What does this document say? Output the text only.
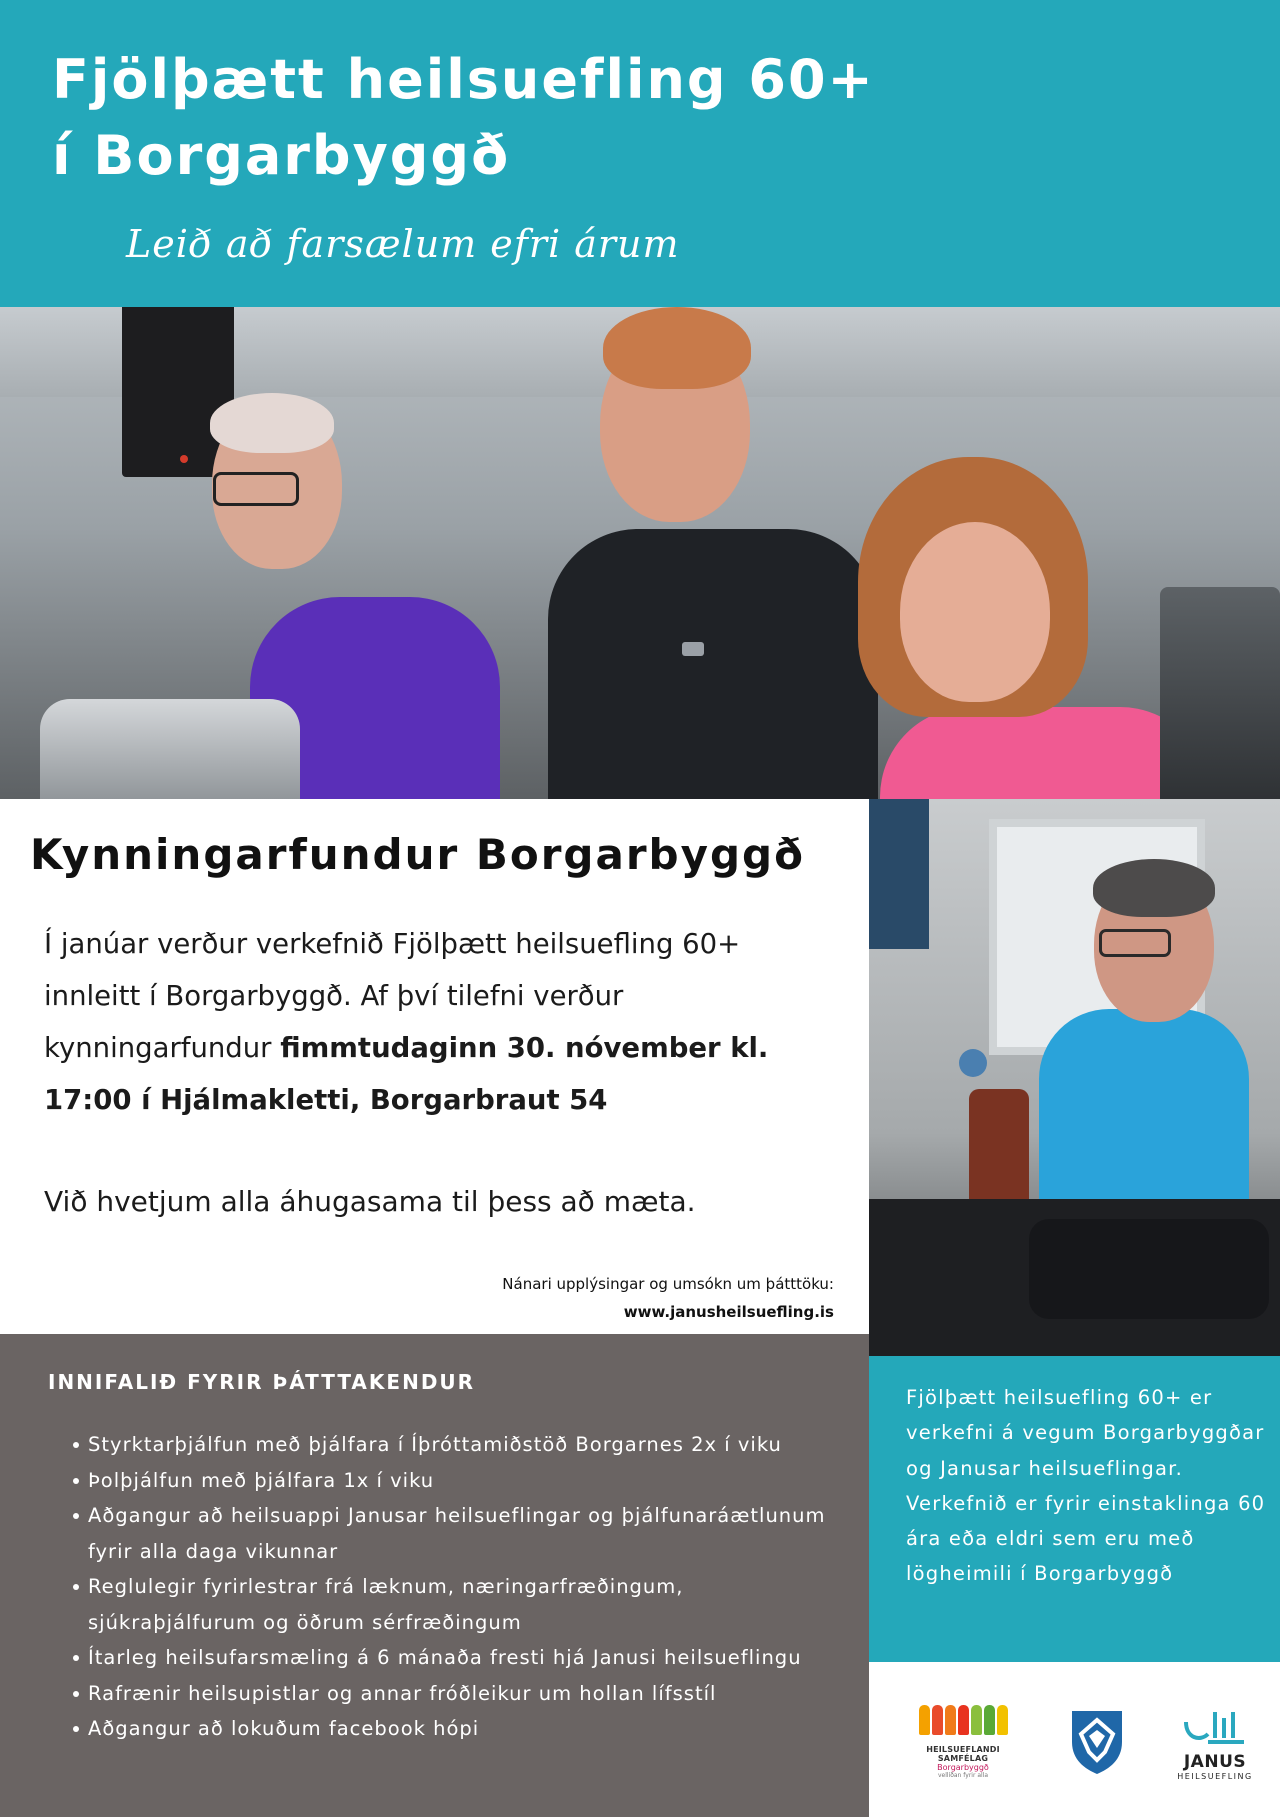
Fjölþætt heilsuefling 60+
í Borgarbyggð
Leið að farsælum efri árum
Kynningarfundur Borgarbyggð

Í janúar verður verkefnið Fjölþætt heilsuefling 60+ innleitt í Borgarbyggð. Af því tilefni verður kynningarfundur fimmtudaginn 30. nóvember kl. 17:00 í Hjálmakletti, Borgarbraut 54

Við hvetjum alla áhugasama til þess að mæta.

Nánari upplýsingar og umsókn um þátttöku:
www.janusheilsuefling.is
INNIFALIÐ FYRIR ÞÁTTTAKENDUR
Styrktarþjálfun með þjálfara í Íþróttamiðstöð Borgarnes 2x í viku
Þolþjálfun með þjálfara 1x í viku
Aðgangur að heilsuappi Janusar heilsueflingar og þjálfunaráætlunum fyrir alla daga vikunnar
Reglulegir fyrirlestrar frá læknum, næringarfræðingum, sjúkraþjálfurum og öðrum sérfræðingum
Ítarleg heilsufarsmæling á 6 mánaða fresti hjá Janusi heilsueflingu
Rafrænir heilsupistlar og annar fróðleikur um hollan lífsstíl
Aðgangur að lokuðum facebook hópi

Fjölþætt heilsuefling 60+ er verkefni á vegum Borgarbyggðar og Janusar heilsueflingar.
Verkefnið er fyrir einstaklinga 60 ára eða eldri sem eru með lögheimili í Borgarbyggð

HEILSUEFLANDI SAMFÉLAG
Borgarbyggð
vellíðan fyrir alla
JANUS
HEILSUEFLING
